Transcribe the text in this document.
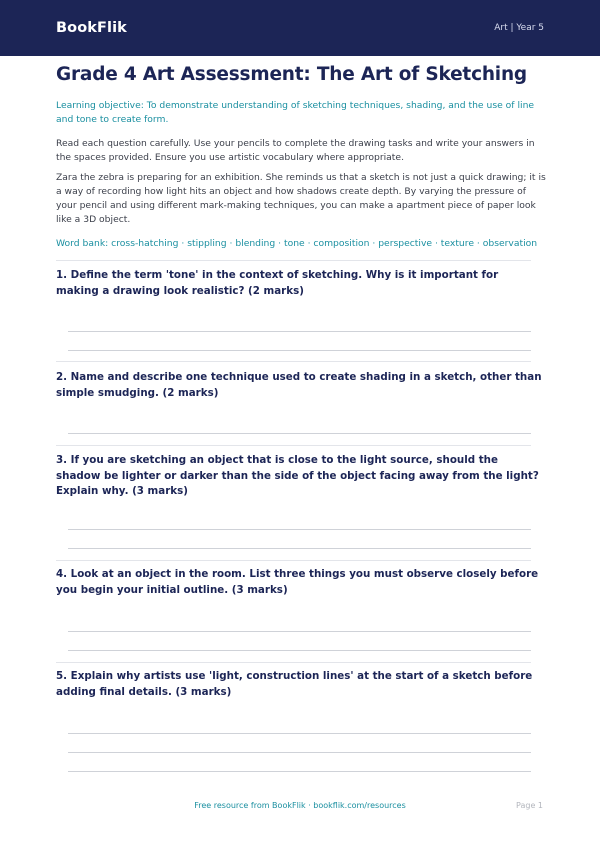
BookFlik	Art | Year 5
Grade 4 Art Assessment: The Art of Sketching
Learning objective: To demonstrate understanding of sketching techniques, shading, and the use of line and tone to create form.
Read each question carefully. Use your pencils to complete the drawing tasks and write your answers in the spaces provided. Ensure you use artistic vocabulary where appropriate.
Zara the zebra is preparing for an exhibition. She reminds us that a sketch is not just a quick drawing; it is a way of recording how light hits an object and how shadows create depth. By varying the pressure of your pencil and using different mark-making techniques, you can make a apartment piece of paper look like a 3D object.
Word bank: cross-hatching · stippling · blending · tone · composition · perspective · texture · observation
1. Define the term 'tone' in the context of sketching. Why is it important for making a drawing look realistic? (2 marks)
2. Name and describe one technique used to create shading in a sketch, other than simple smudging. (2 marks)
3. If you are sketching an object that is close to the light source, should the shadow be lighter or darker than the side of the object facing away from the light? Explain why. (3 marks)
4. Look at an object in the room. List three things you must observe closely before you begin your initial outline. (3 marks)
5. Explain why artists use 'light, construction lines' at the start of a sketch before adding final details. (3 marks)
Free resource from BookFlik · bookflik.com/resources	Page 1
